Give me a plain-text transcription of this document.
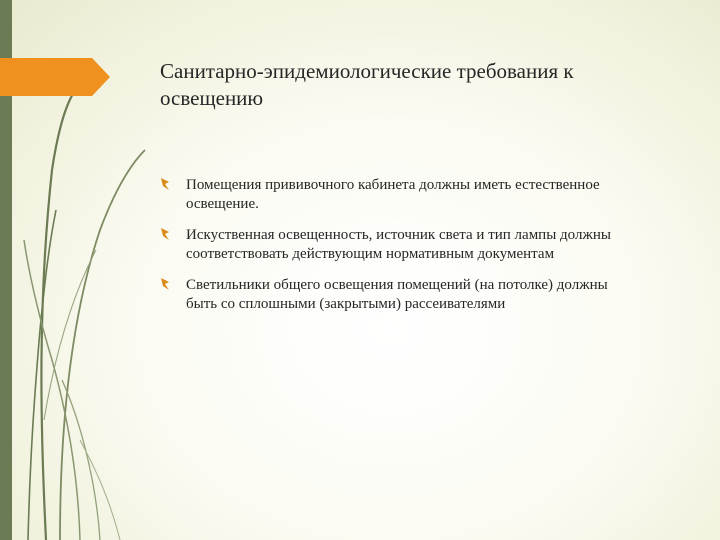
Санитарно-эпидемиологические требования к освещению
Помещения прививочного кабинета должны иметь естественное освещение.
Искуственная освещенность, источник света и тип лампы должны соответствовать действующим нормативным документам
Светильники общего освещения помещений (на потолке) должны быть со сплошными (закрытыми) рассеивателями
